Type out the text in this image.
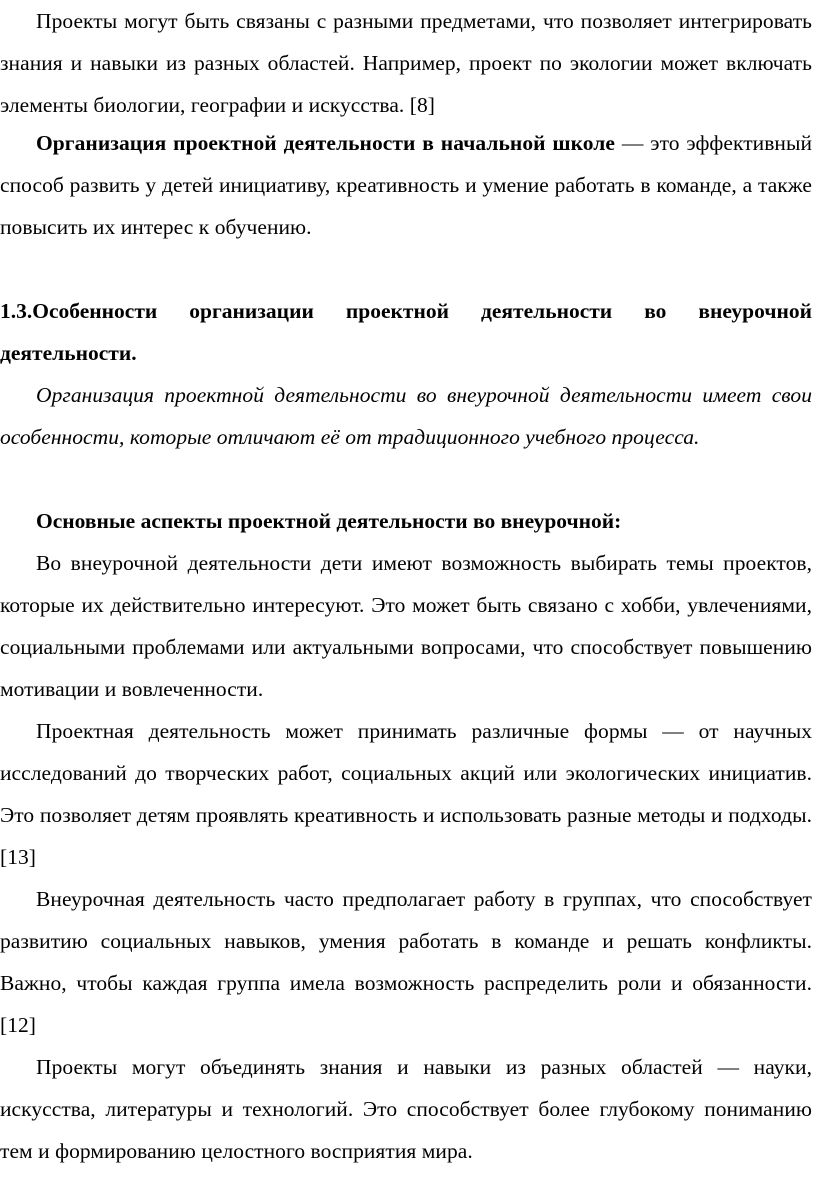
Проекты могут быть связаны с разными предметами, что позволяет интегрировать знания и навыки из разных областей. Например, проект по экологии может включать элементы биологии, географии и искусства. [8]

Организация проектной деятельности в начальной школе — это эффективный способ развить у детей инициативу, креативность и умение работать в команде, а также повысить их интерес к обучению.

1.3.Особенности организации проектной деятельности во внеурочной деятельности.

Организация проектной деятельности во внеурочной деятельности имеет свои особенности, которые отличают её от традиционного учебного процесса.

Основные аспекты проектной деятельности во внеурочной:

Во внеурочной деятельности дети имеют возможность выбирать темы проектов, которые их действительно интересуют. Это может быть связано с хобби, увлечениями, социальными проблемами или актуальными вопросами, что способствует повышению мотивации и вовлеченности.

Проектная деятельность может принимать различные формы — от научных исследований до творческих работ, социальных акций или экологических инициатив. Это позволяет детям проявлять креативность и использовать разные методы и подходы. [13]

Внеурочная деятельность часто предполагает работу в группах, что способствует развитию социальных навыков, умения работать в команде и решать конфликты. Важно, чтобы каждая группа имела возможность распределить роли и обязанности. [12]

Проекты могут объединять знания и навыки из разных областей — науки, искусства, литературы и технологий. Это способствует более глубокому пониманию тем и формированию целостного восприятия мира.
